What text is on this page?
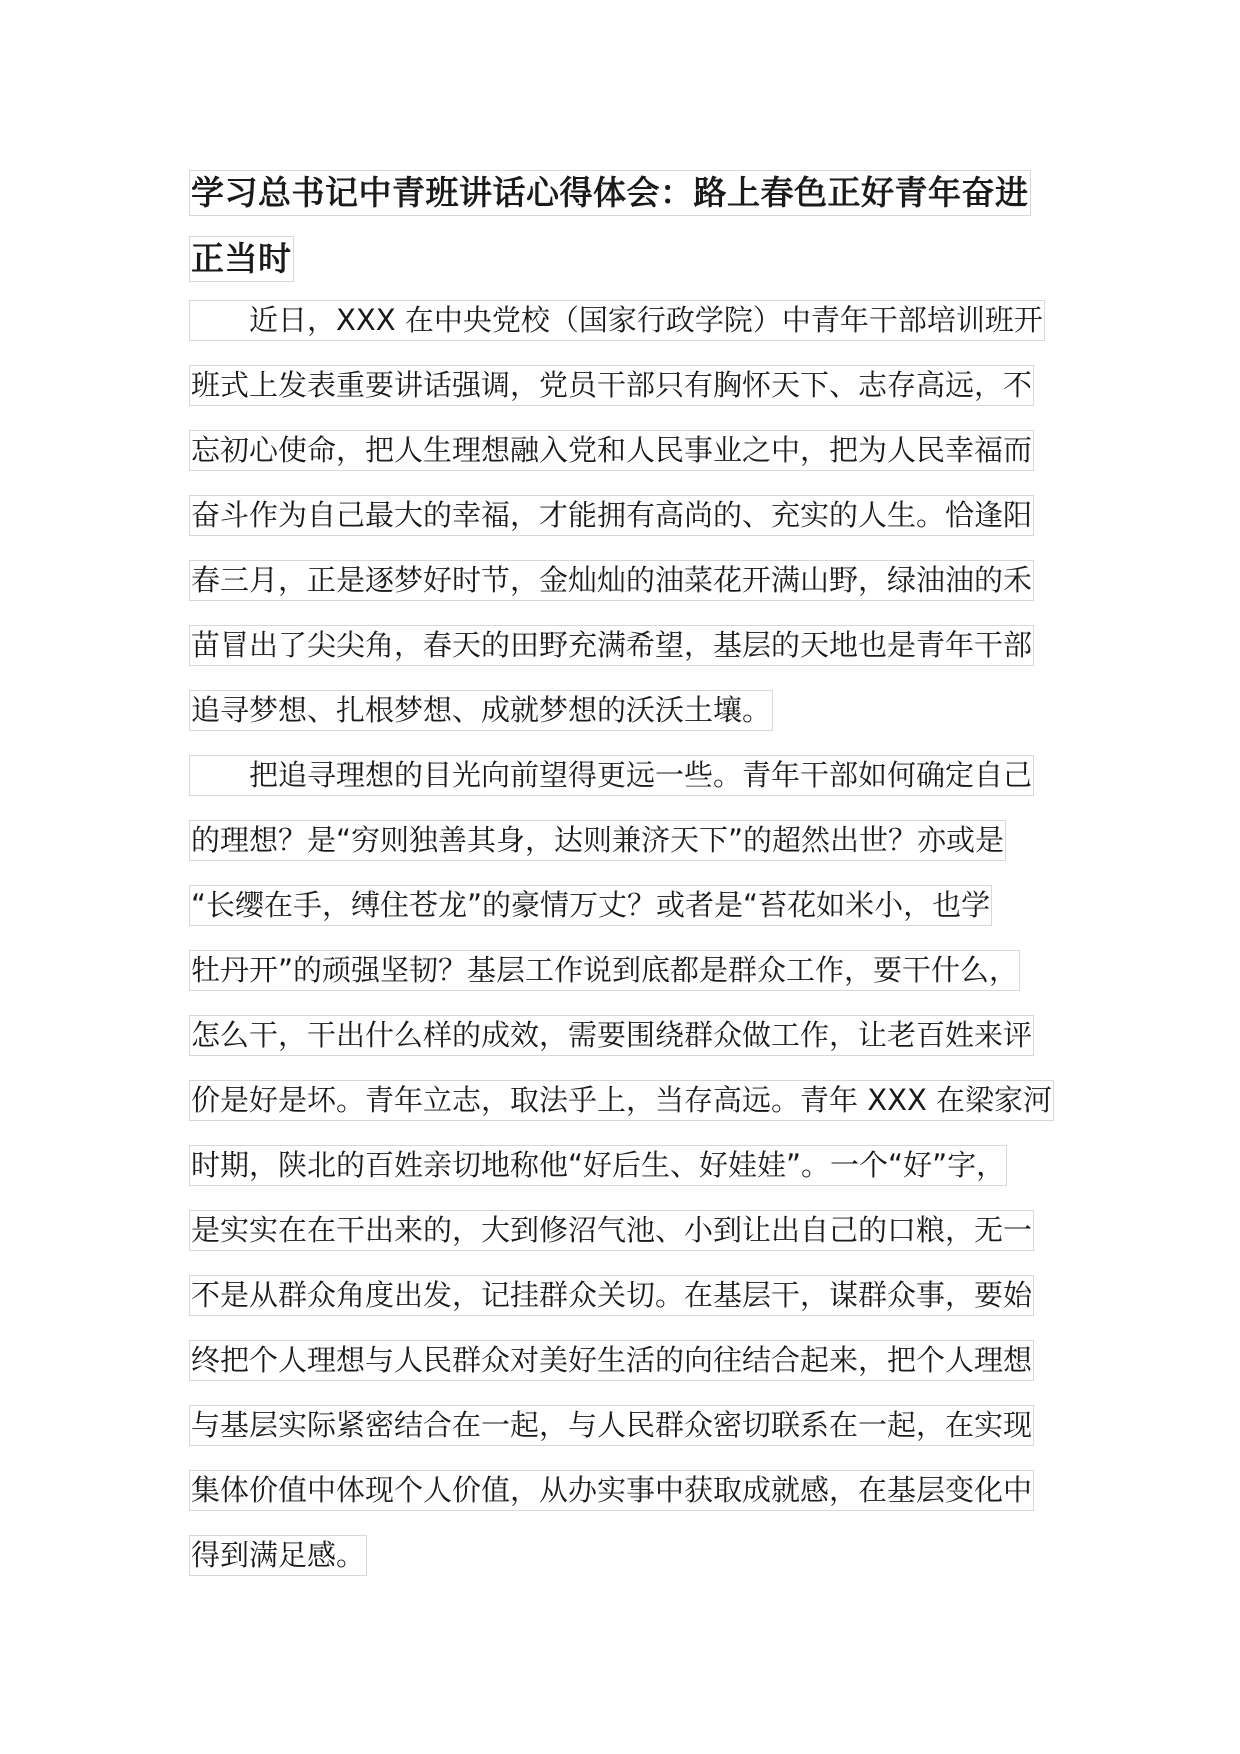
学习总书记中青班讲话心得体会：路上春色正好青年奋进
正当时
　　近日，XXX 在中央党校（国家行政学院）中青年干部培训班开
班式上发表重要讲话强调，党员干部只有胸怀天下、志存高远，不
忘初心使命，把人生理想融入党和人民事业之中，把为人民幸福而
奋斗作为自己最大的幸福，才能拥有高尚的、充实的人生。恰逢阳
春三月，正是逐梦好时节，金灿灿的油菜花开满山野，绿油油的禾
苗冒出了尖尖角，春天的田野充满希望，基层的天地也是青年干部
追寻梦想、扎根梦想、成就梦想的沃沃土壤。
　　把追寻理想的目光向前望得更远一些。青年干部如何确定自己
的理想？是“穷则独善其身，达则兼济天下”的超然出世？亦或是
“长缨在手，缚住苍龙”的豪情万丈？或者是“苔花如米小，也学
牡丹开”的顽强坚韧？基层工作说到底都是群众工作，要干什么，
怎么干，干出什么样的成效，需要围绕群众做工作，让老百姓来评
价是好是坏。青年立志，取法乎上，当存高远。青年 XXX 在梁家河
时期，陕北的百姓亲切地称他“好后生、好娃娃”。一个“好”字，
是实实在在干出来的，大到修沼气池、小到让出自己的口粮，无一
不是从群众角度出发，记挂群众关切。在基层干，谋群众事，要始
终把个人理想与人民群众对美好生活的向往结合起来，把个人理想
与基层实际紧密结合在一起，与人民群众密切联系在一起，在实现
集体价值中体现个人价值，从办实事中获取成就感，在基层变化中
得到满足感。
